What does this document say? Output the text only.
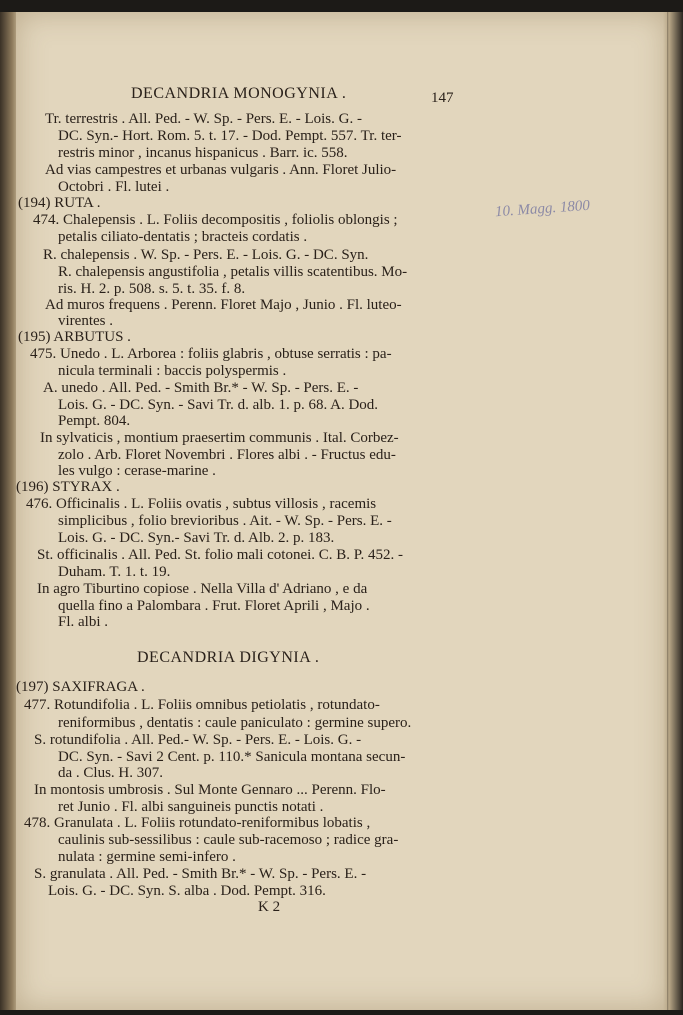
DECANDRIA MONOGYNIA .	147
Tr. terrestris . All. Ped. - W. Sp. - Pers. E. - Lois. G. -
DC. Syn.- Hort. Rom. 5. t. 17. - Dod. Pempt. 557. Tr. ter-
restris minor , incanus hispanicus . Barr. ic. 558.
Ad vias campestres et urbanas vulgaris . Ann. Floret Julio-
Octobri . Fl. lutei .
(194) RUTA .
474. Chalepensis . L. Foliis decompositis , foliolis oblongis ;
petalis ciliato-dentatis ; bracteis cordatis .
R. chalepensis . W. Sp. - Pers. E. - Lois. G. - DC. Syn.
R. chalepensis angustifolia , petalis villis scatentibus. Mo-
ris. H. 2. p. 508. s. 5. t. 35. f. 8.
Ad muros frequens . Perenn. Floret Majo , Junio . Fl. luteo-
virentes .
(195) ARBUTUS .
475. Unedo . L. Arborea : foliis glabris , obtuse serratis : pa-
nicula terminali : baccis polyspermis .
A. unedo . All. Ped. - Smith Br.* - W. Sp. - Pers. E. -
Lois. G. - DC. Syn. - Savi Tr. d. alb. 1. p. 68. A. Dod.
Pempt. 804.
In sylvaticis , montium praesertim communis . Ital. Corbez-
zolo . Arb. Floret Novembri . Flores albi . - Fructus edu-
les vulgo : cerase-marine .
(196) STYRAX .
476. Officinalis . L. Foliis ovatis , subtus villosis , racemis
simplicibus , folio brevioribus . Ait. - W. Sp. - Pers. E. -
Lois. G. - DC. Syn.- Savi Tr. d. Alb. 2. p. 183.
St. officinalis . All. Ped. St. folio mali cotonei. C. B. P. 452. -
Duham. T. 1. t. 19.
In agro Tiburtino copiose . Nella Villa d' Adriano , e da
quella fino a Palombara . Frut. Floret Aprili , Majo .
Fl. albi .
DECANDRIA DIGYNIA .
(197) SAXIFRAGA .
477. Rotundifolia . L. Foliis omnibus petiolatis , rotundato-
reniformibus , dentatis : caule paniculato : germine supero.
S. rotundifolia . All. Ped.- W. Sp. - Pers. E. - Lois. G. -
DC. Syn. - Savi 2 Cent. p. 110.* Sanicula montana secun-
da . Clus. H. 307.
In montosis umbrosis . Sul Monte Gennaro ... Perenn. Flo-
ret Junio . Fl. albi sanguineis punctis notati .
478. Granulata . L. Foliis rotundato-reniformibus lobatis ,
caulinis sub-sessilibus : caule sub-racemoso ; radice gra-
nulata : germine semi-infero .
S. granulata . All. Ped. - Smith Br.* - W. Sp. - Pers. E. -
Lois. G. - DC. Syn. S. alba . Dod. Pempt. 316.
10. Magg. 1800
K 2
